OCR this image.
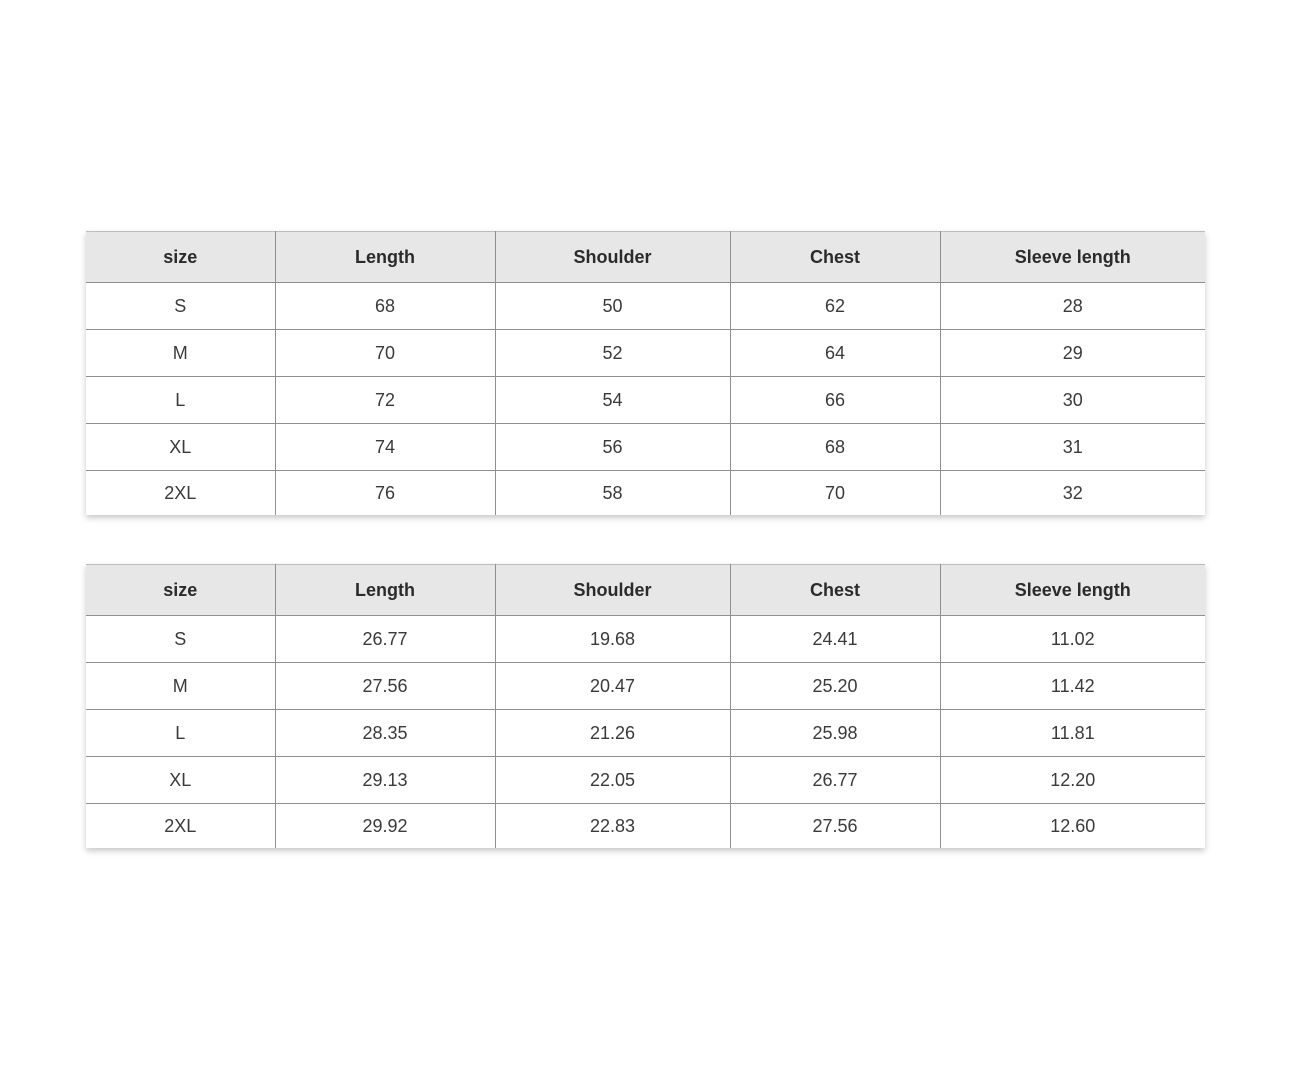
size	Length	Shoulder	Chest	Sleeve length
S	68	50	62	28
M	70	52	64	29
L	72	54	66	30
XL	74	56	68	31
2XL	76	58	70	32
size	Length	Shoulder	Chest	Sleeve length
S	26.77	19.68	24.41	11.02
M	27.56	20.47	25.20	11.42
L	28.35	21.26	25.98	11.81
XL	29.13	22.05	26.77	12.20
2XL	29.92	22.83	27.56	12.60
